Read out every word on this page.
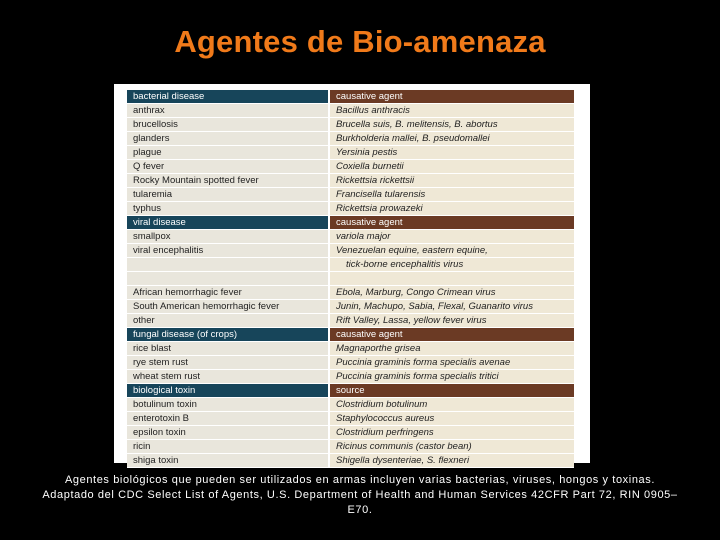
Agentes de Bio-amenaza
bacterial disease	causative agent
anthrax	Bacillus anthracis
brucellosis	Brucella suis, B. melitensis, B. abortus
glanders	Burkholderia mallei, B. pseudomallei
plague	Yersinia pestis
Q fever	Coxiella burnetii
Rocky Mountain spotted fever	Rickettsia rickettsii
tularemia	Francisella tularensis
typhus	Rickettsia prowazeki
viral disease	causative agent
smallpox	variola major
viral encephalitis	Venezuelan equine, eastern equine,
	tick-borne encephalitis virus

African hemorrhagic fever	Ebola, Marburg, Congo Crimean virus
South American hemorrhagic fever	Junin, Machupo, Sabia, Flexal, Guanarito virus
other	Rift Valley, Lassa, yellow fever virus
fungal disease (of crops)	causative agent
rice blast	Magnaporthe grisea
rye stem rust	Puccinia graminis forma specialis avenae
wheat stem rust	Puccinia graminis forma specialis tritici
biological toxin	source
botulinum toxin	Clostridium botulinum
enterotoxin B	Staphylococcus aureus
epsilon toxin	Clostridium perfringens
ricin	Ricinus communis (castor bean)
shiga toxin	Shigella dysenteriae, S. flexneri
Agentes biológicos que pueden ser utilizados en armas incluyen varias bacterias, viruses, hongos y toxinas. Adaptado del CDC Select List of Agents, U.S. Department of Health and Human Services 42CFR Part 72, RIN 0905–E70.
